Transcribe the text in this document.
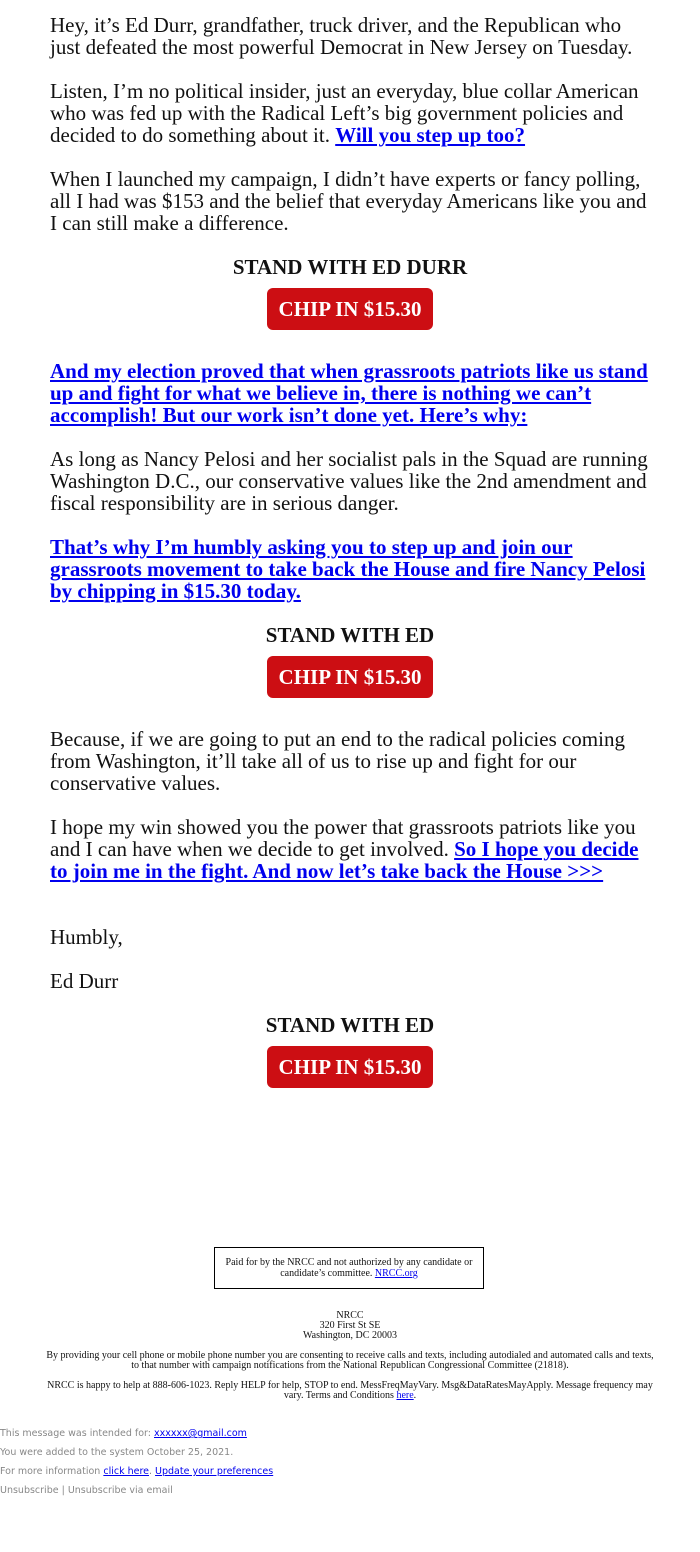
Hey, it’s Ed Durr, grandfather, truck driver, and the Republican who just defeated the most powerful Democrat in New Jersey on Tuesday.

Listen, I’m no political insider, just an everyday, blue collar American who was fed up with the Radical Left’s big government policies and decided to do something about it. Will you step up too?

When I launched my campaign, I didn’t have experts or fancy polling, all I had was $153 and the belief that everyday Americans like you and I can still make a difference.

STAND WITH ED DURR
CHIP IN $15.30

And my election proved that when grassroots patriots like us stand up and fight for what we believe in, there is nothing we can’t accomplish! But our work isn’t done yet. Here’s why:

As long as Nancy Pelosi and her socialist pals in the Squad are running Washington D.C., our conservative values like the 2nd amendment and fiscal responsibility are in serious danger.

That’s why I’m humbly asking you to step up and join our grassroots movement to take back the House and fire Nancy Pelosi by chipping in $15.30 today.

STAND WITH ED
CHIP IN $15.30

Because, if we are going to put an end to the radical policies coming from Washington, it’ll take all of us to rise up and fight for our conservative values.

I hope my win showed you the power that grassroots patriots like you and I can have when we decide to get involved. So I hope you decide to join me in the fight. And now let’s take back the House >>>

Humbly,

Ed Durr

STAND WITH ED
CHIP IN $15.30
Paid for by the NRCC and not authorized by any candidate or candidate’s committee. NRCC.org
NRCC
320 First St SE
Washington, DC 20003
By providing your cell phone or mobile phone number you are consenting to receive calls and texts, including autodialed and automated calls and texts, to that number with campaign notifications from the National Republican Congressional Committee (21818).
NRCC is happy to help at 888-606-1023. Reply HELP for help, STOP to end. MessFreqMayVary. Msg&DataRatesMayApply. Message frequency may vary. Terms and Conditions here.
This message was intended for: xxxxxx@gmail.com
You were added to the system October 25, 2021.
For more information click here. Update your preferences
Unsubscribe | Unsubscribe via email
